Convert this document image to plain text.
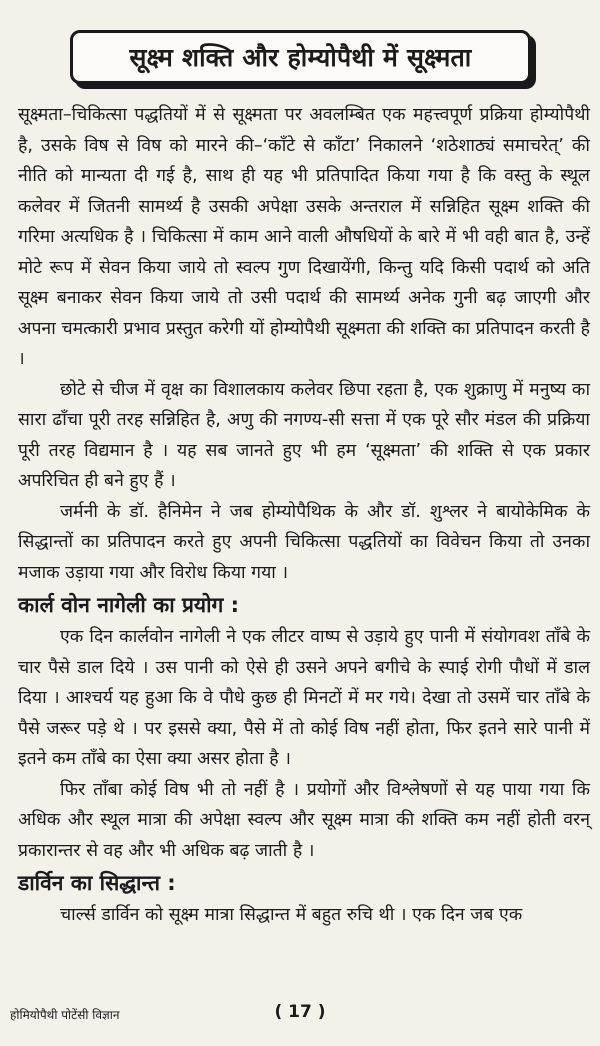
सूक्ष्म शक्ति और होम्योपैथी में सूक्ष्मता

सूक्ष्मता–चिकित्सा पद्धतियों में से सूक्ष्मता पर अवलम्बित एक महत्त्वपूर्ण प्रक्रिया होम्योपैथी है, उसके विष से विष को मारने की–‘काँटे से काँटा’ निकालने ‘शठेशाठ्यं समाचरेत्’ की नीति को मान्यता दी गई है, साथ ही यह भी प्रतिपादित किया गया है कि वस्तु के स्थूल कलेवर में जितनी सामर्थ्य है उसकी अपेक्षा उसके अन्तराल में सन्निहित सूक्ष्म शक्ति की गरिमा अत्यधिक है । चिकित्सा में काम आने वाली औषधियों के बारे में भी वही बात है, उन्हें मोटे रूप में सेवन किया जाये तो स्वल्प गुण दिखायेंगी, किन्तु यदि किसी पदार्थ को अति सूक्ष्म बनाकर सेवन किया जाये तो उसी पदार्थ की सामर्थ्य अनेक गुनी बढ़ जाएगी और अपना चमत्कारी प्रभाव प्रस्तुत करेगी यों होम्योपैथी सूक्ष्मता की शक्ति का प्रतिपादन करती है ।

छोटे से चीज में वृक्ष का विशालकाय कलेवर छिपा रहता है, एक शुक्राणु में मनुष्य का सारा ढाँचा पूरी तरह सन्निहित है, अणु की नगण्य-सी सत्ता में एक पूरे सौर मंडल की प्रक्रिया पूरी तरह विद्यमान है । यह सब जानते हुए भी हम ‘सूक्ष्मता’ की शक्ति से एक प्रकार अपरिचित ही बने हुए हैं ।

जर्मनी के डॉ. हैनिमेन ने जब होम्योपैथिक के और डॉ. शुश्लर ने बायोकेमिक के सिद्धान्तों का प्रतिपादन करते हुए अपनी चिकित्सा पद्धतियों का विवेचन किया तो उनका मजाक उड़ाया गया और विरोध किया गया ।

कार्ल वोन नागेली का प्रयोग :

एक दिन कार्लवोन नागेली ने एक लीटर वाष्प से उड़ाये हुए पानी में संयोगवश ताँबे के चार पैसे डाल दिये । उस पानी को ऐसे ही उसने अपने बगीचे के स्पाई रोगी पौधों में डाल दिया । आश्चर्य यह हुआ कि वे पौधे कुछ ही मिनटों में मर गये। देखा तो उसमें चार ताँबे के पैसे जरूर पड़े थे । पर इससे क्या, पैसे में तो कोई विष नहीं होता, फिर इतने सारे पानी में इतने कम ताँबे का ऐसा क्या असर होता है ।

फिर ताँबा कोई विष भी तो नहीं है । प्रयोगों और विश्लेषणों से यह पाया गया कि अधिक और स्थूल मात्रा की अपेक्षा स्वल्प और सूक्ष्म मात्रा की शक्ति कम नहीं होती वरन् प्रकारान्तर से वह और भी अधिक बढ़ जाती है ।

डार्विन का सिद्धान्त :

चार्ल्स डार्विन को सूक्ष्म मात्रा सिद्धान्त में बहुत रुचि थी । एक दिन जब एक

होमियोपैथी पोटेंसी विज्ञान	( 17 )
